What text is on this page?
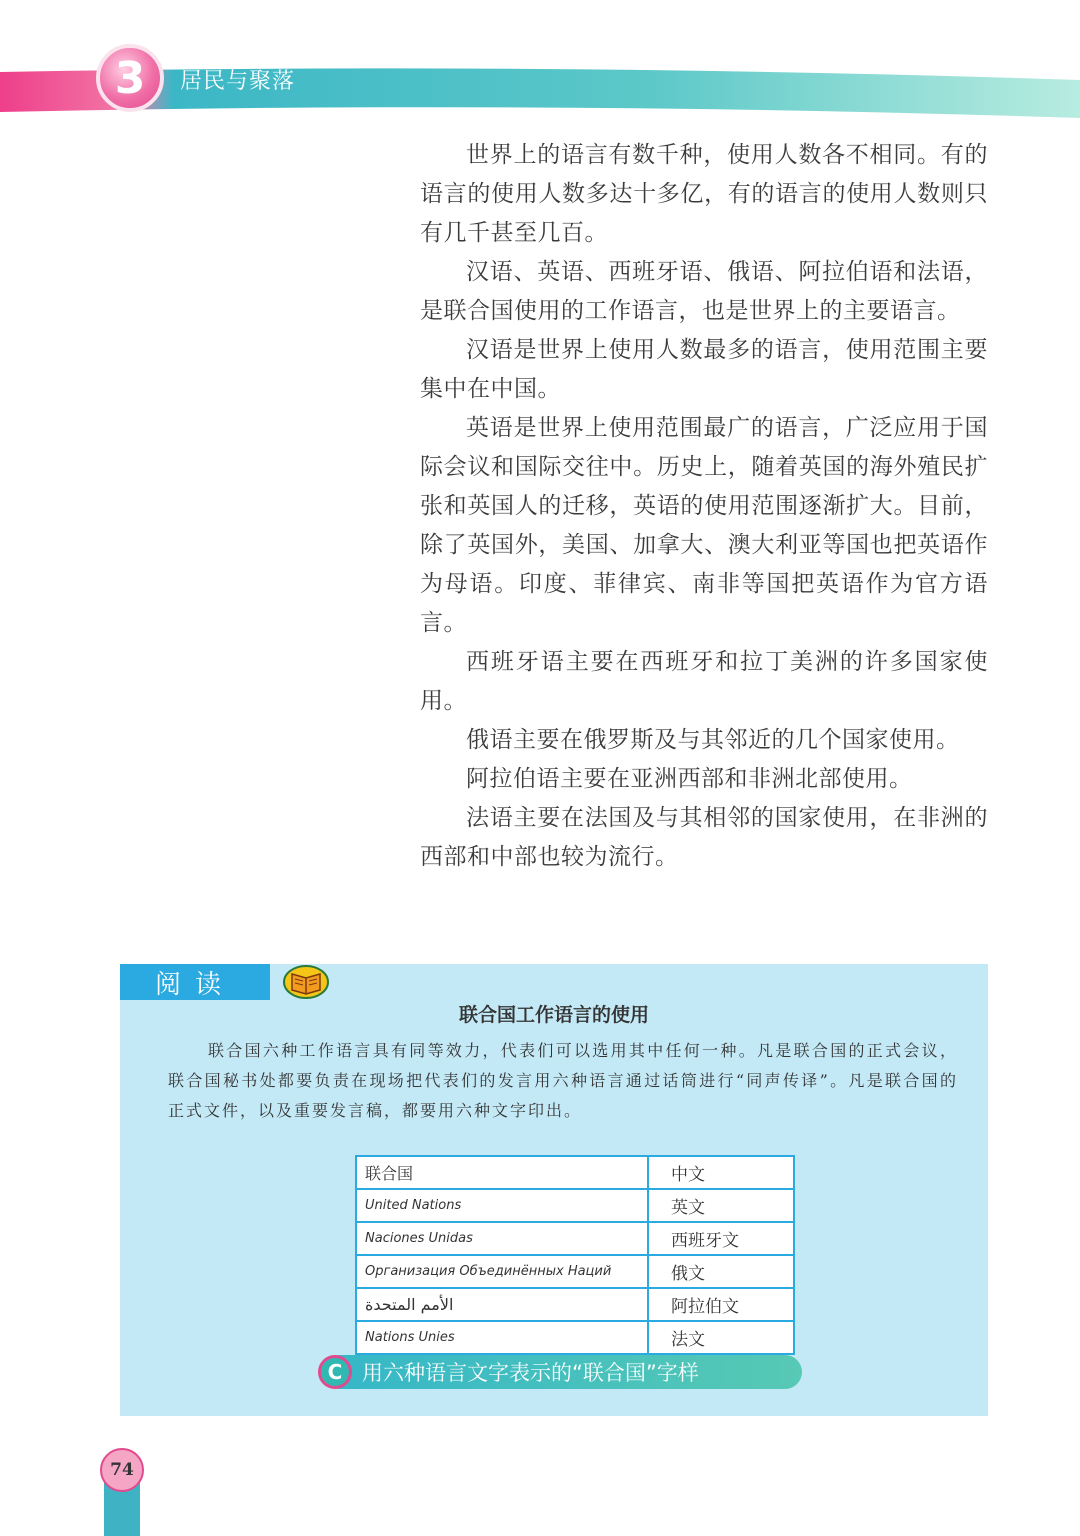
3 居民与聚落

世界上的语言有数千种，使用人数各不相同。有的语言的使用人数多达十多亿，有的语言的使用人数则只有几千甚至几百。

汉语、英语、西班牙语、俄语、阿拉伯语和法语，是联合国使用的工作语言，也是世界上的主要语言。

汉语是世界上使用人数最多的语言，使用范围主要集中在中国。

英语是世界上使用范围最广的语言，广泛应用于国际会议和国际交往中。历史上，随着英国的海外殖民扩张和英国人的迁移，英语的使用范围逐渐扩大。目前，除了英国外，美国、加拿大、澳大利亚等国也把英语作为母语。印度、菲律宾、南非等国把英语作为官方语言。

西班牙语主要在西班牙和拉丁美洲的许多国家使用。

俄语主要在俄罗斯及与其邻近的几个国家使用。

阿拉伯语主要在亚洲西部和非洲北部使用。

法语主要在法国及与其相邻的国家使用，在非洲的西部和中部也较为流行。

阅读
联合国工作语言的使用

联合国六种工作语言具有同等效力，代表们可以选用其中任何一种。凡是联合国的正式会议，联合国秘书处都要负责在现场把代表们的发言用六种语言通过话筒进行“同声传译”。凡是联合国的正式文件，以及重要发言稿，都要用六种文字印出。

联合国	中文
United Nations	英文
Naciones Unidas	西班牙文
Организация Объединённых Наций	俄文
الأمم المتحدة	阿拉伯文
Nations Unies	法文
C 用六种语言文字表示的“联合国”字样
74
